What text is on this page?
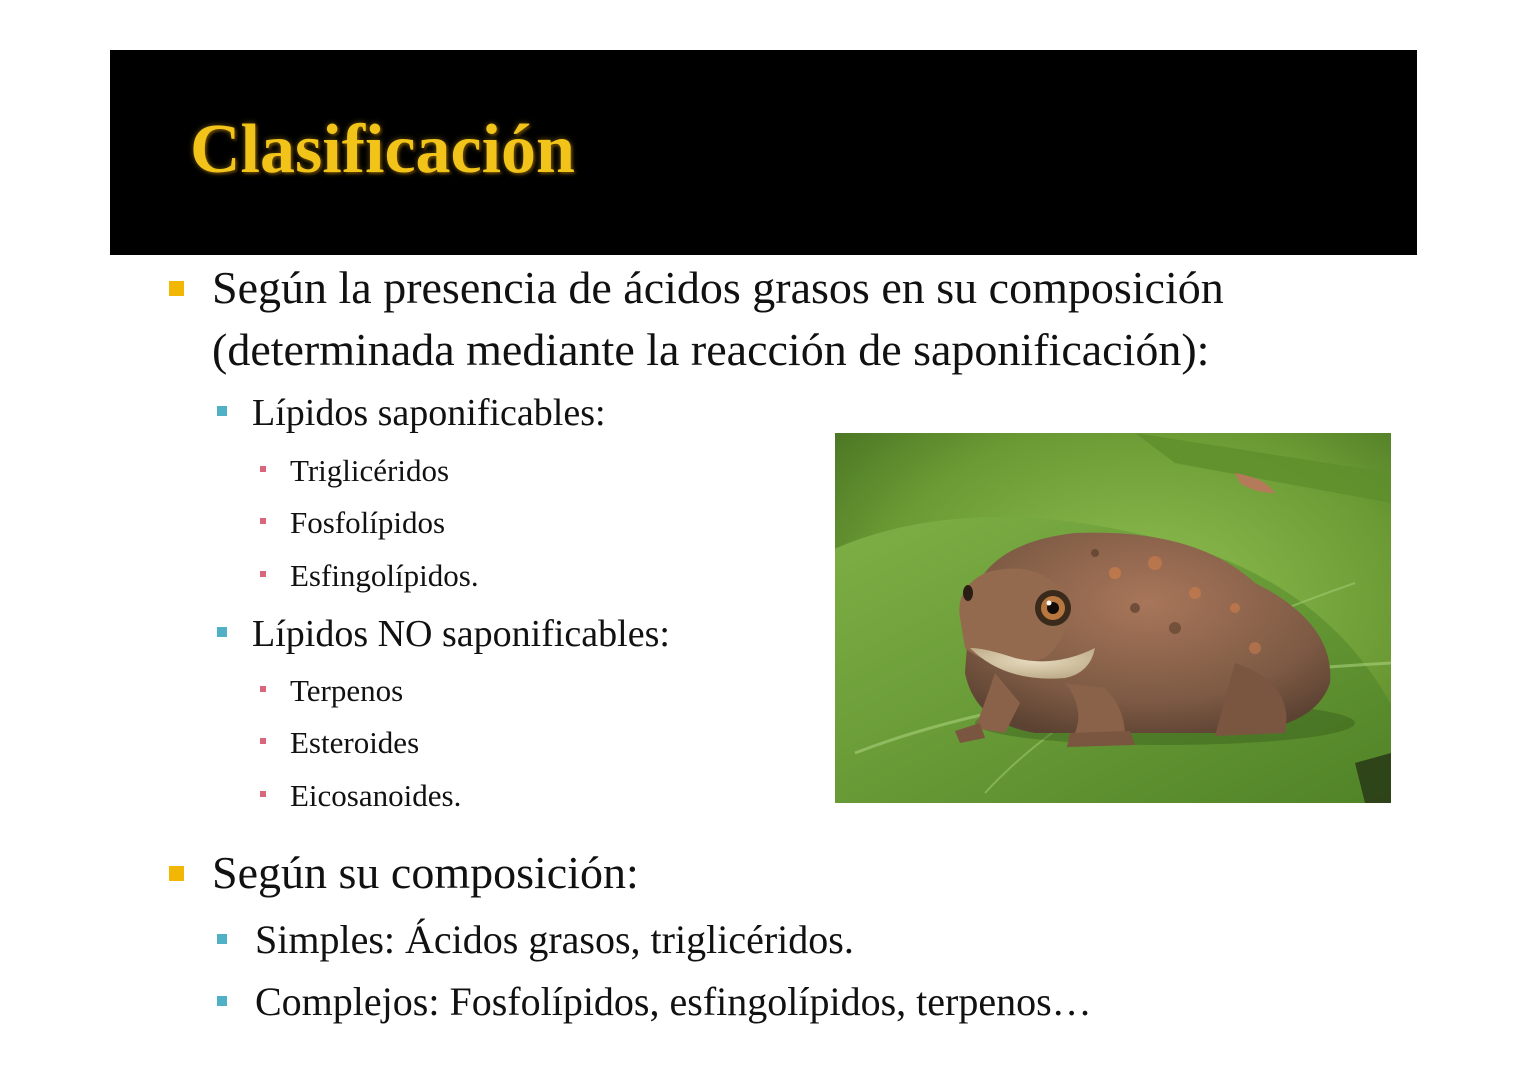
Clasificación
Según la presencia de ácidos grasos en su composición
(determinada mediante la reacción de saponificación):
Lípidos saponificables:
Triglicéridos
Fosfolípidos
Esfingolípidos.
Lípidos NO saponificables:
Terpenos
Esteroides
Eicosanoides.
Según su composición:
Simples: Ácidos grasos, triglicéridos.
Complejos: Fosfolípidos, esfingolípidos, terpenos…
